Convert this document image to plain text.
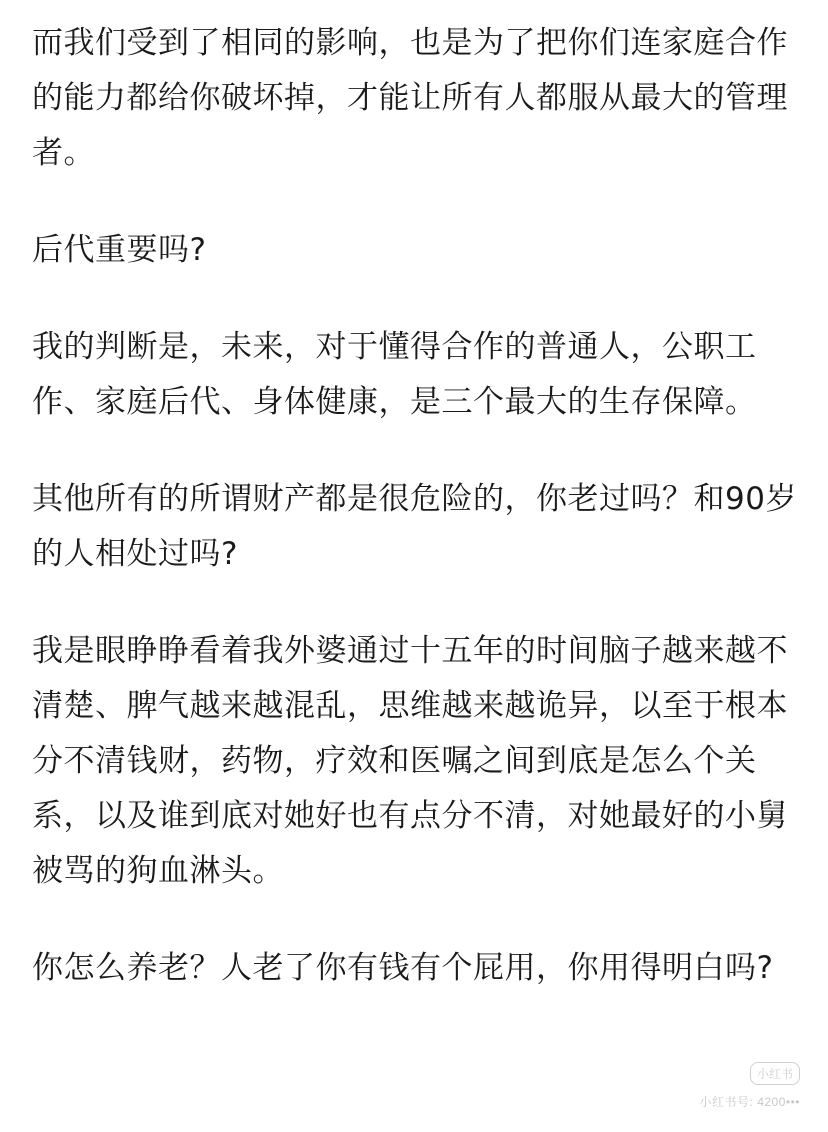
而我们受到了相同的影响，也是为了把你们连家庭合作的能力都给你破坏掉，才能让所有人都服从最大的管理者。

后代重要吗?

我的判断是，未来，对于懂得合作的普通人，公职工作、家庭后代、身体健康，是三个最大的生存保障。

其他所有的所谓财产都是很危险的，你老过吗？和90岁的人相处过吗?

我是眼睁睁看着我外婆通过十五年的时间脑子越来越不清楚、脾气越来越混乱，思维越来越诡异，以至于根本分不清钱财，药物，疗效和医嘱之间到底是怎么个关系，以及谁到底对她好也有点分不清，对她最好的小舅被骂的狗血淋头。

你怎么养老？人老了你有钱有个屁用，你用得明白吗?

小红书
小红书号: 4200•••
